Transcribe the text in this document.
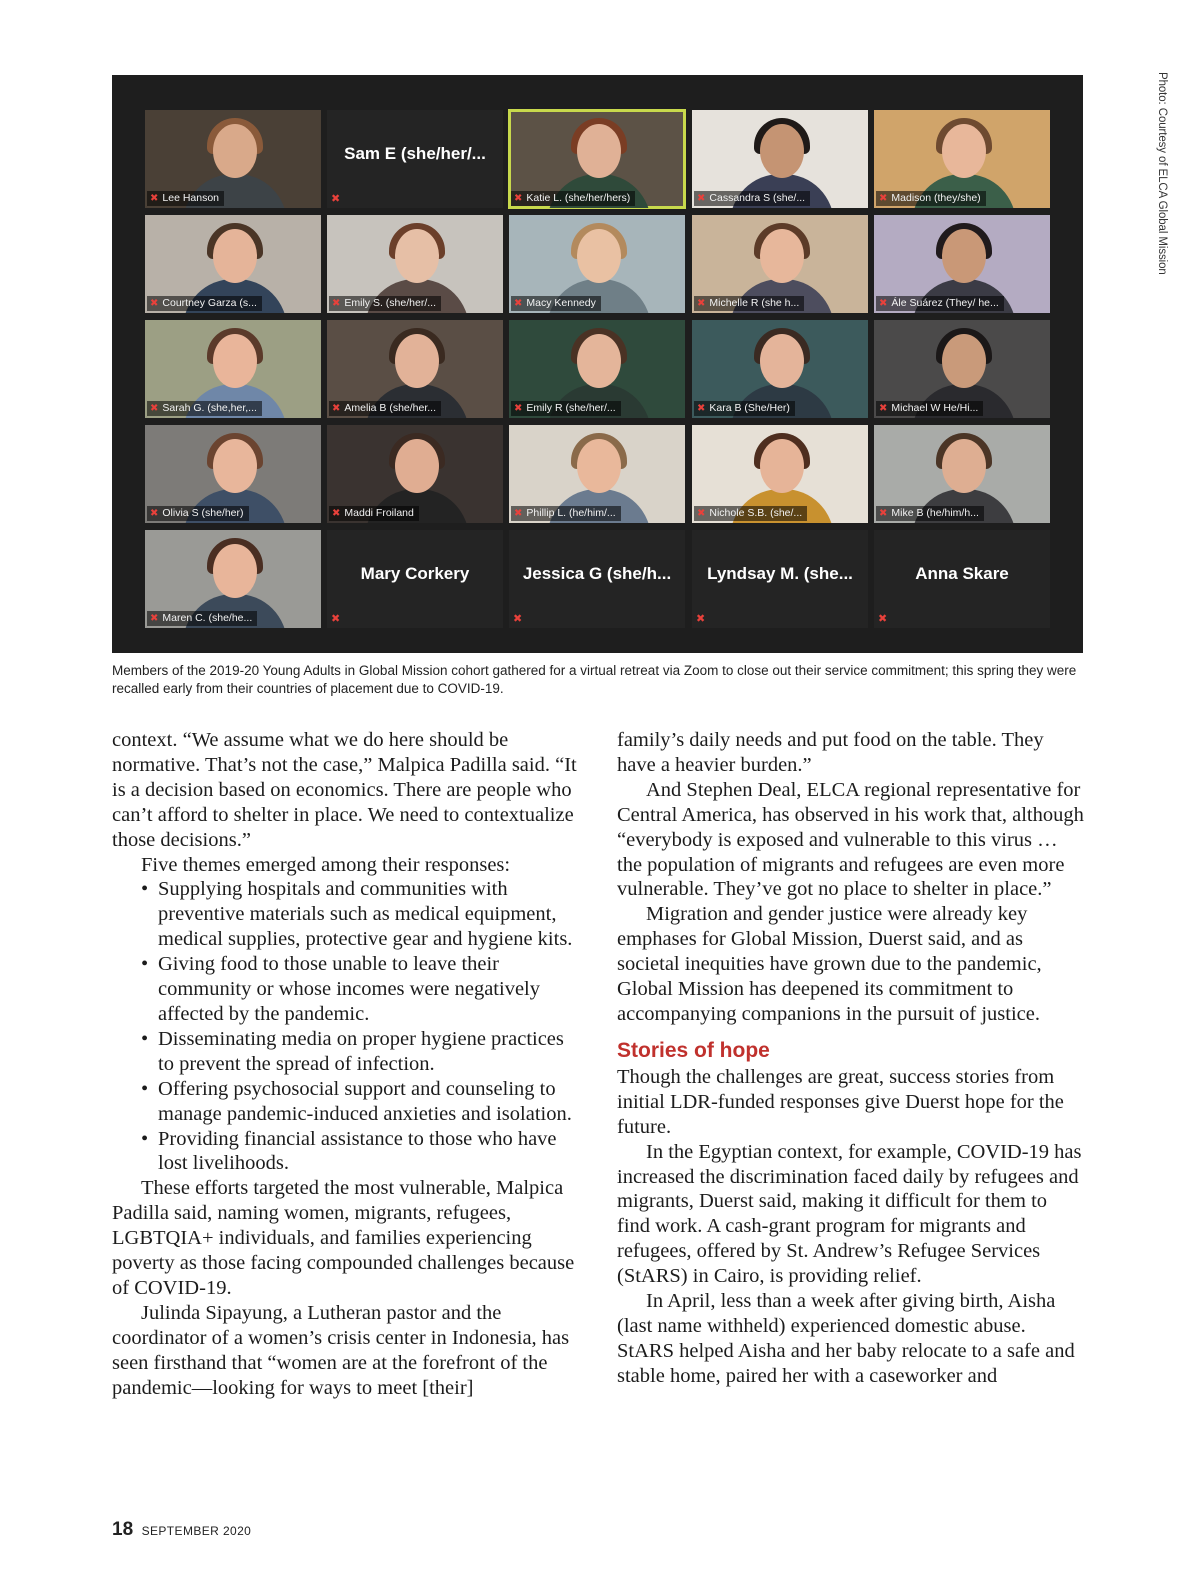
✖ Lee Hanson
Sam E (she/her/...
✖	✖ Katie L. (she/her/hers)	✖ Cassandra S (she/...	✖ Madison (they/she)
✖ Courtney Garza (s...	✖ Emily S. (she/her/...	✖ Macy Kennedy	✖ Michelle R (she h...	✖ Ále Suárez (They/ he...
✖ Sarah G. (she,her,...	✖ Amelia B (she/her...	✖ Emily R (she/her/...	✖ Kara B (She/Her)	✖ Michael W He/Hi...
✖ Olivia S (she/her)	✖ Maddi Froiland	✖ Phillip L. (he/him/...	✖ Nichole S.B. (she/...	✖ Mike B (he/him/h...
✖ Maren C. (she/he...
Mary Corkery
✖
Jessica G (she/h...
✖
Lyndsay M. (she...
✖
Anna Skare
✖
Photo: Courtesy of ELCA Global Mission
Members of the 2019-20 Young Adults in Global Mission cohort gathered for a virtual retreat via Zoom to close out their service commitment; this spring they were recalled early from their countries of placement due to COVID-19.

context. “We assume what we do here should be normative. That’s not the case,” Malpica Padilla said. “It is a decision based on economics. There are people who can’t afford to shelter in place. We need to contextualize those decisions.”

Five themes emerged among their responses:

• Supplying hospitals and communities with preventive materials such as medical equipment, medical supplies, protective gear and hygiene kits.
• Giving food to those unable to leave their community or whose incomes were negatively affected by the pandemic.
• Disseminating media on proper hygiene practices to prevent the spread of infection.
• Offering psychosocial support and counseling to manage pandemic-induced anxieties and isolation.
• Providing financial assistance to those who have lost livelihoods.

These efforts targeted the most vulnerable, Malpica Padilla said, naming women, migrants, refugees, LGBTQIA+ individuals, and families experiencing poverty as those facing compounded challenges because of COVID-19.

Julinda Sipayung, a Lutheran pastor and the coordinator of a women’s crisis center in Indonesia, has seen firsthand that “women are at the forefront of the pandemic—looking for ways to meet [their]

family’s daily needs and put food on the table. They have a heavier burden.”

And Stephen Deal, ELCA regional representative for Central America, has observed in his work that, although “everybody is exposed and vulnerable to this virus … the population of migrants and refugees are even more vulnerable. They’ve got no place to shelter in place.”

Migration and gender justice were already key emphases for Global Mission, Duerst said, and as societal inequities have grown due to the pandemic, Global Mission has deepened its commitment to accompanying companions in the pursuit of justice.

Stories of hope

Though the challenges are great, success stories from initial LDR-funded responses give Duerst hope for the future.

In the Egyptian context, for example, COVID-19 has increased the discrimination faced daily by refugees and migrants, Duerst said, making it difficult for them to find work. A cash-grant program for migrants and refugees, offered by St. Andrew’s Refugee Services (StARS) in Cairo, is providing relief.

In April, less than a week after giving birth, Aisha (last name withheld) experienced domestic abuse. StARS helped Aisha and her baby relocate to a safe and stable home, paired her with a caseworker and

18 SEPTEMBER 2020
